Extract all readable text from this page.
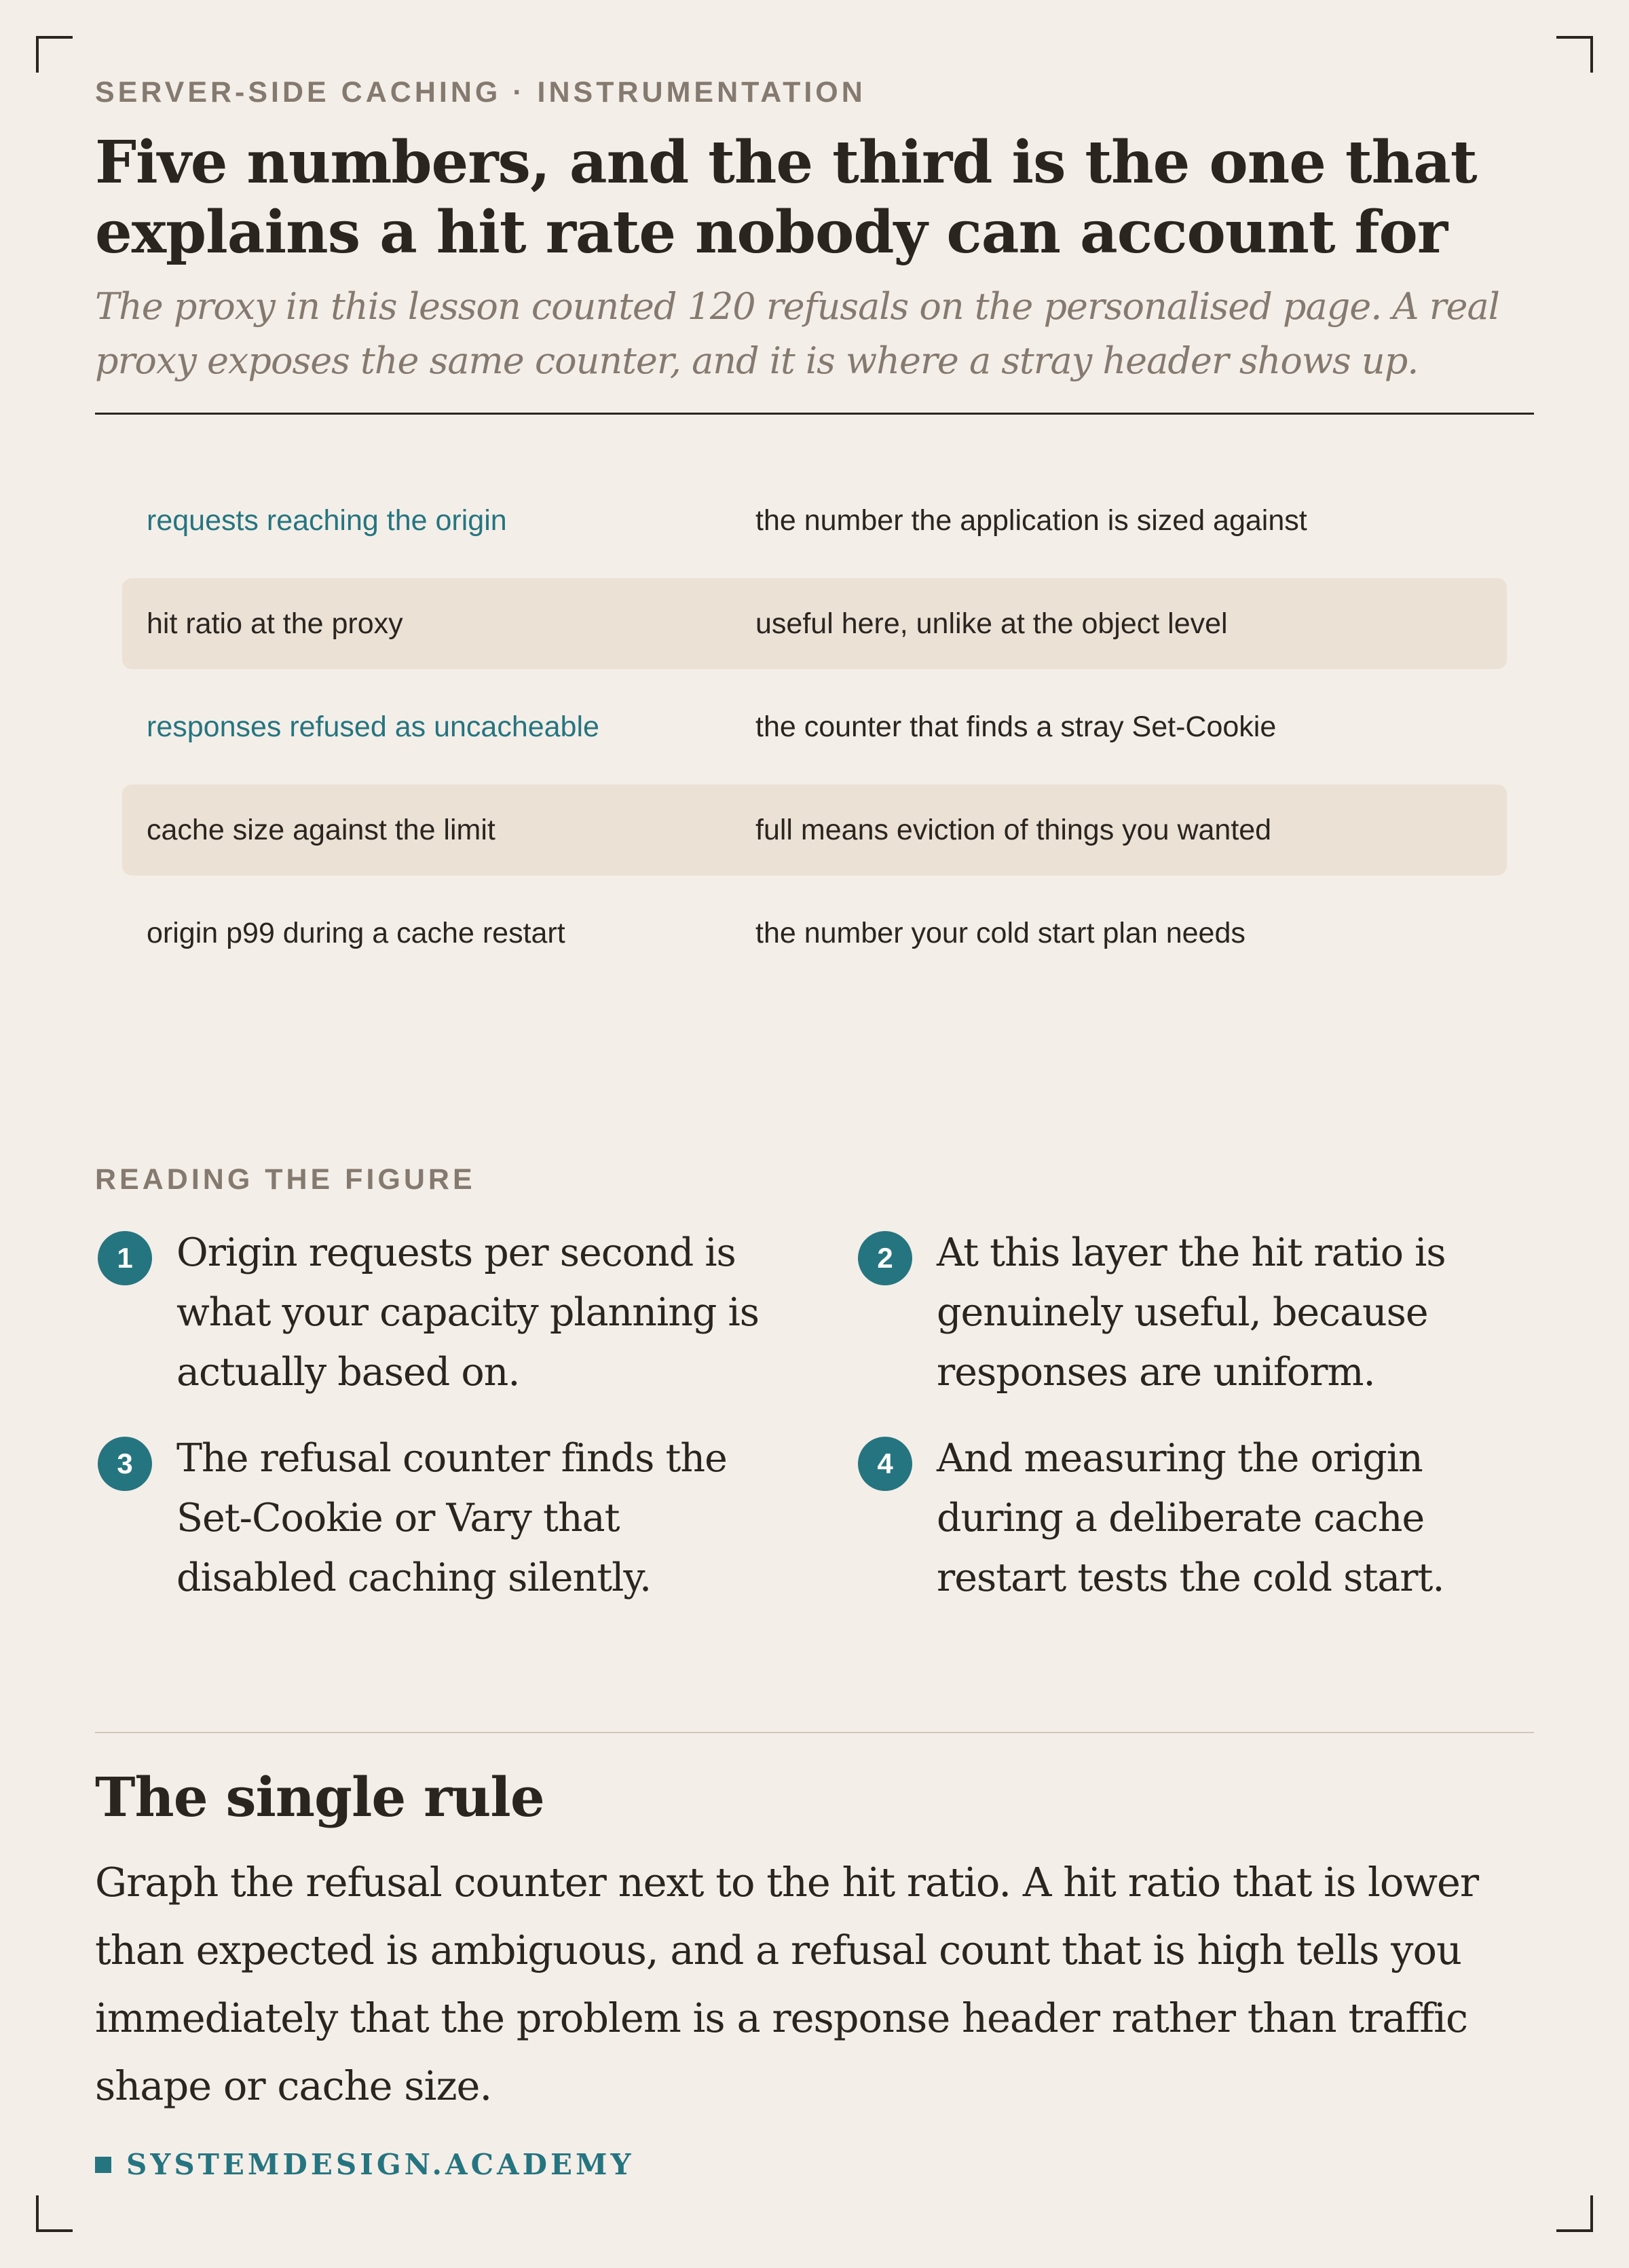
SERVER-SIDE CACHING · INSTRUMENTATION
Five numbers, and the third is the one that explains a hit rate nobody can account for

The proxy in this lesson counted 120 refusals on the personalised page. A real proxy exposes the same counter, and it is where a stray header shows up.

requests reaching the origin	the number the application is sized against
hit ratio at the proxy	useful here, unlike at the object level
responses refused as uncacheable	the counter that finds a stray Set-Cookie
cache size against the limit	full means eviction of things you wanted
origin p99 during a cache restart	the number your cold start plan needs
READING THE FIGURE
1	Origin requests per second is what your capacity planning is actually based on.
2	At this layer the hit ratio is genuinely useful, because responses are uniform.
3	The refusal counter finds the Set-Cookie or Vary that disabled caching silently.
4	And measuring the origin during a deliberate cache restart tests the cold start.
The single rule

Graph the refusal counter next to the hit ratio. A hit ratio that is lower than expected is ambiguous, and a refusal count that is high tells you immediately that the problem is a response header rather than traffic shape or cache size.

SYSTEMDESIGN.ACADEMY
